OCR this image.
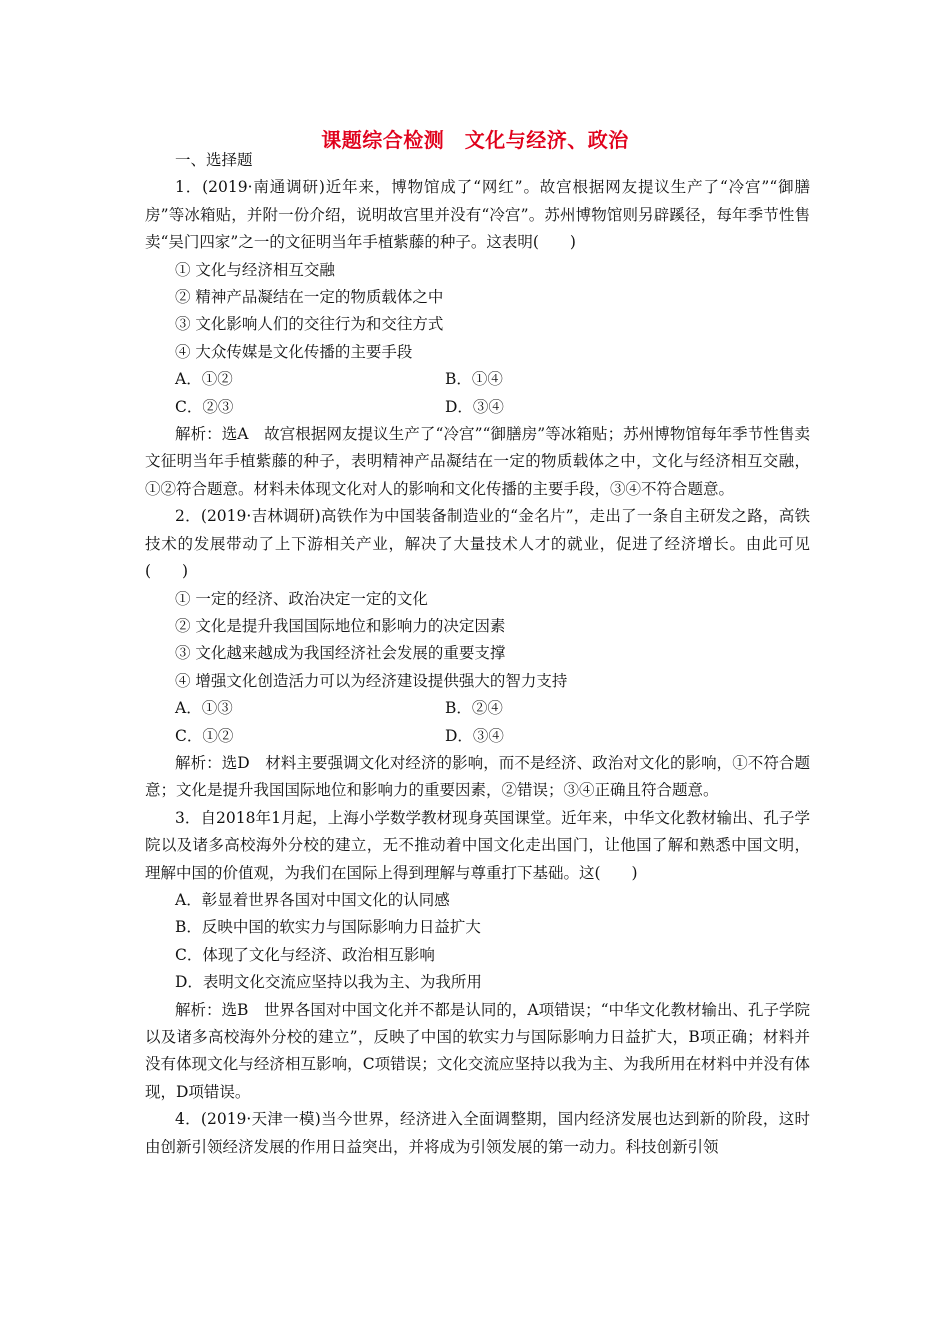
课题综合检测　文化与经济、政治

一、选择题

1．(2019·南通调研)近年来，博物馆成了“网红”。故宫根据网友提议生产了“冷宫”“御膳房”等冰箱贴，并附一份介绍，说明故宫里并没有“冷宫”。苏州博物馆则另辟蹊径，每年季节性售卖“吴门四家”之一的文征明当年手植紫藤的种子。这表明(　　)

① 文化与经济相互交融

② 精神产品凝结在一定的物质载体之中

③ 文化影响人们的交往行为和交往方式

④ 大众传媒是文化传播的主要手段

A．①②	B．①④
C．②③	D．③④

解析：选A　故宫根据网友提议生产了“冷宫”“御膳房”等冰箱贴；苏州博物馆每年季节性售卖文征明当年手植紫藤的种子，表明精神产品凝结在一定的物质载体之中，文化与经济相互交融，①②符合题意。材料未体现文化对人的影响和文化传播的主要手段，③④不符合题意。

2．(2019·吉林调研)高铁作为中国装备制造业的“金名片”，走出了一条自主研发之路，高铁技术的发展带动了上下游相关产业，解决了大量技术人才的就业，促进了经济增长。由此可见(　　)

① 一定的经济、政治决定一定的文化

② 文化是提升我国国际地位和影响力的决定因素

③ 文化越来越成为我国经济社会发展的重要支撑

④ 增强文化创造活力可以为经济建设提供强大的智力支持

A．①③	B．②④
C．①②	D．③④

解析：选D　材料主要强调文化对经济的影响，而不是经济、政治对文化的影响，①不符合题意；文化是提升我国国际地位和影响力的重要因素，②错误；③④正确且符合题意。

3．自2018年1月起，上海小学数学教材现身英国课堂。近年来，中华文化教材输出、孔子学院以及诸多高校海外分校的建立，无不推动着中国文化走出国门，让他国了解和熟悉中国文明，理解中国的价值观，为我们在国际上得到理解与尊重打下基础。这(　　)

A．彰显着世界各国对中国文化的认同感

B．反映中国的软实力与国际影响力日益扩大

C．体现了文化与经济、政治相互影响

D．表明文化交流应坚持以我为主、为我所用

解析：选B　世界各国对中国文化并不都是认同的，A项错误；“中华文化教材输出、孔子学院以及诸多高校海外分校的建立”，反映了中国的软实力与国际影响力日益扩大，B项正确；材料并没有体现文化与经济相互影响，C项错误；文化交流应坚持以我为主、为我所用在材料中并没有体现，D项错误。

4．(2019·天津一模)当今世界，经济进入全面调整期，国内经济发展也达到新的阶段，这时由创新引领经济发展的作用日益突出，并将成为引领发展的第一动力。科技创新引领
